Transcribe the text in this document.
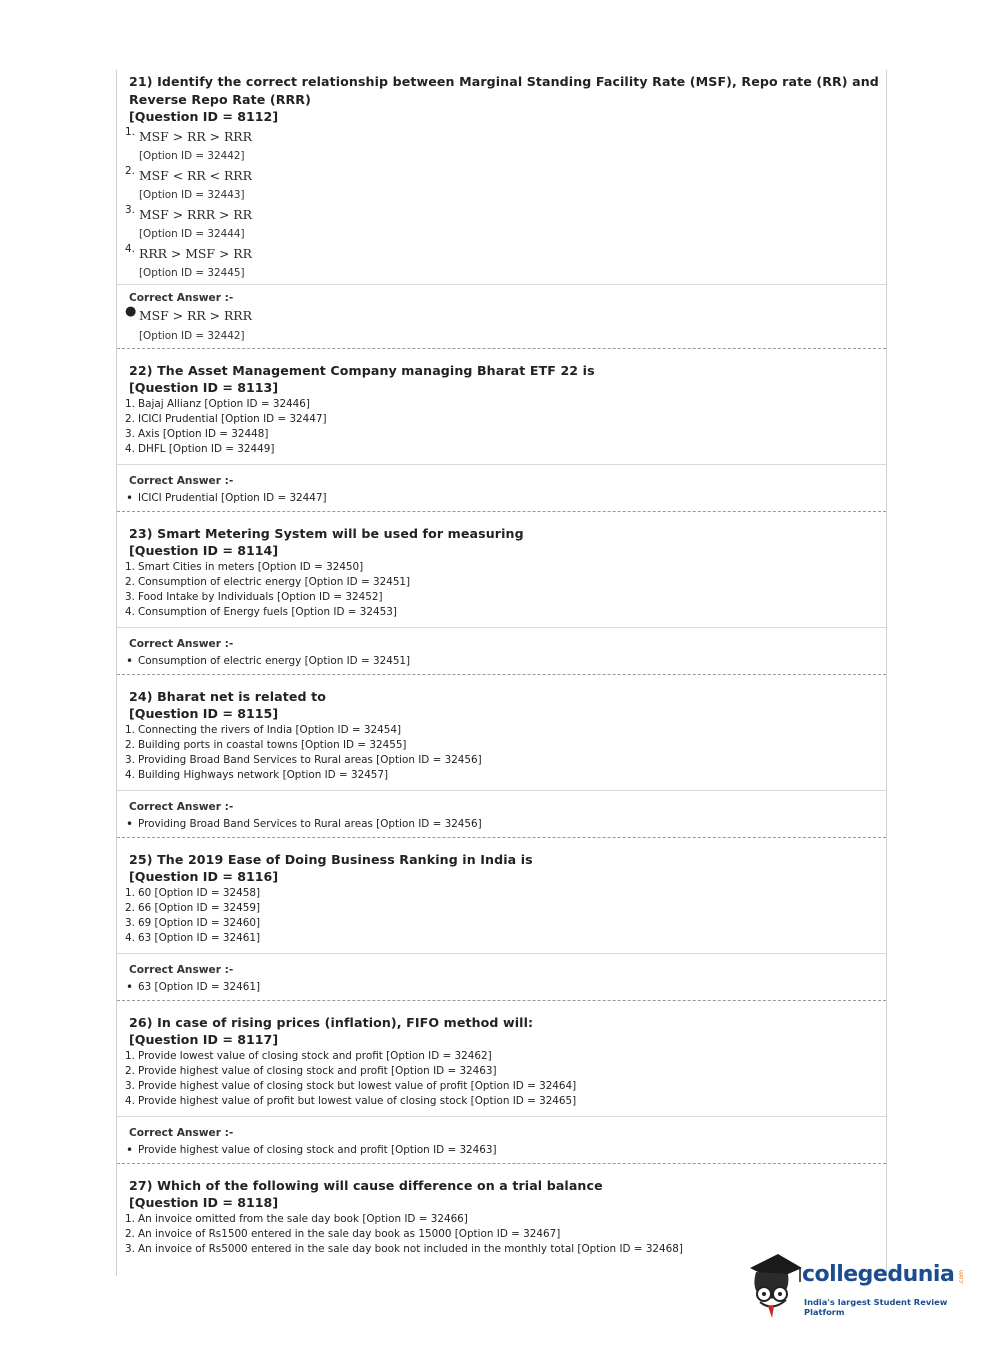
21) Identify the correct relationship between Marginal Standing Facility Rate (MSF), Repo rate (RR) and Reverse Repo Rate (RRR)
[Question ID = 8112]
1. MSF > RR > RRR
[Option ID = 32442]
2. MSF < RR < RRR
[Option ID = 32443]
3. MSF > RRR > RR
[Option ID = 32444]
4. RRR > MSF > RR
[Option ID = 32445]
Correct Answer :-
● MSF > RR > RRR
[Option ID = 32442]
22) The Asset Management Company managing Bharat ETF 22 is
[Question ID = 8113]
1. Bajaj Allianz [Option ID = 32446]
2. ICICI Prudential [Option ID = 32447]
3. Axis [Option ID = 32448]
4. DHFL [Option ID = 32449]
Correct Answer :-
• ICICI Prudential [Option ID = 32447]
23) Smart Metering System will be used for measuring
[Question ID = 8114]
1. Smart Cities in meters [Option ID = 32450]
2. Consumption of electric energy [Option ID = 32451]
3. Food Intake by Individuals [Option ID = 32452]
4. Consumption of Energy fuels [Option ID = 32453]
Correct Answer :-
• Consumption of electric energy [Option ID = 32451]
24) Bharat net is related to
[Question ID = 8115]
1. Connecting the rivers of India [Option ID = 32454]
2. Building ports in coastal towns [Option ID = 32455]
3. Providing Broad Band Services to Rural areas [Option ID = 32456]
4. Building Highways network [Option ID = 32457]
Correct Answer :-
• Providing Broad Band Services to Rural areas [Option ID = 32456]
25) The 2019 Ease of Doing Business Ranking in India is
[Question ID = 8116]
1. 60 [Option ID = 32458]
2. 66 [Option ID = 32459]
3. 69 [Option ID = 32460]
4. 63 [Option ID = 32461]
Correct Answer :-
• 63 [Option ID = 32461]
26) In case of rising prices (inflation), FIFO method will:
[Question ID = 8117]
1. Provide lowest value of closing stock and profit [Option ID = 32462]
2. Provide highest value of closing stock and profit [Option ID = 32463]
3. Provide highest value of closing stock but lowest value of profit [Option ID = 32464]
4. Provide highest value of profit but lowest value of closing stock [Option ID = 32465]
Correct Answer :-
• Provide highest value of closing stock and profit [Option ID = 32463]
27) Which of the following will cause difference on a trial balance
[Question ID = 8118]
1. An invoice omitted from the sale day book [Option ID = 32466]
2. An invoice of Rs1500 entered in the sale day book as 15000 [Option ID = 32467]
3. An invoice of Rs5000 entered in the sale day book not included in the monthly total [Option ID = 32468]
collegedunia .com
India's largest Student Review Platform
